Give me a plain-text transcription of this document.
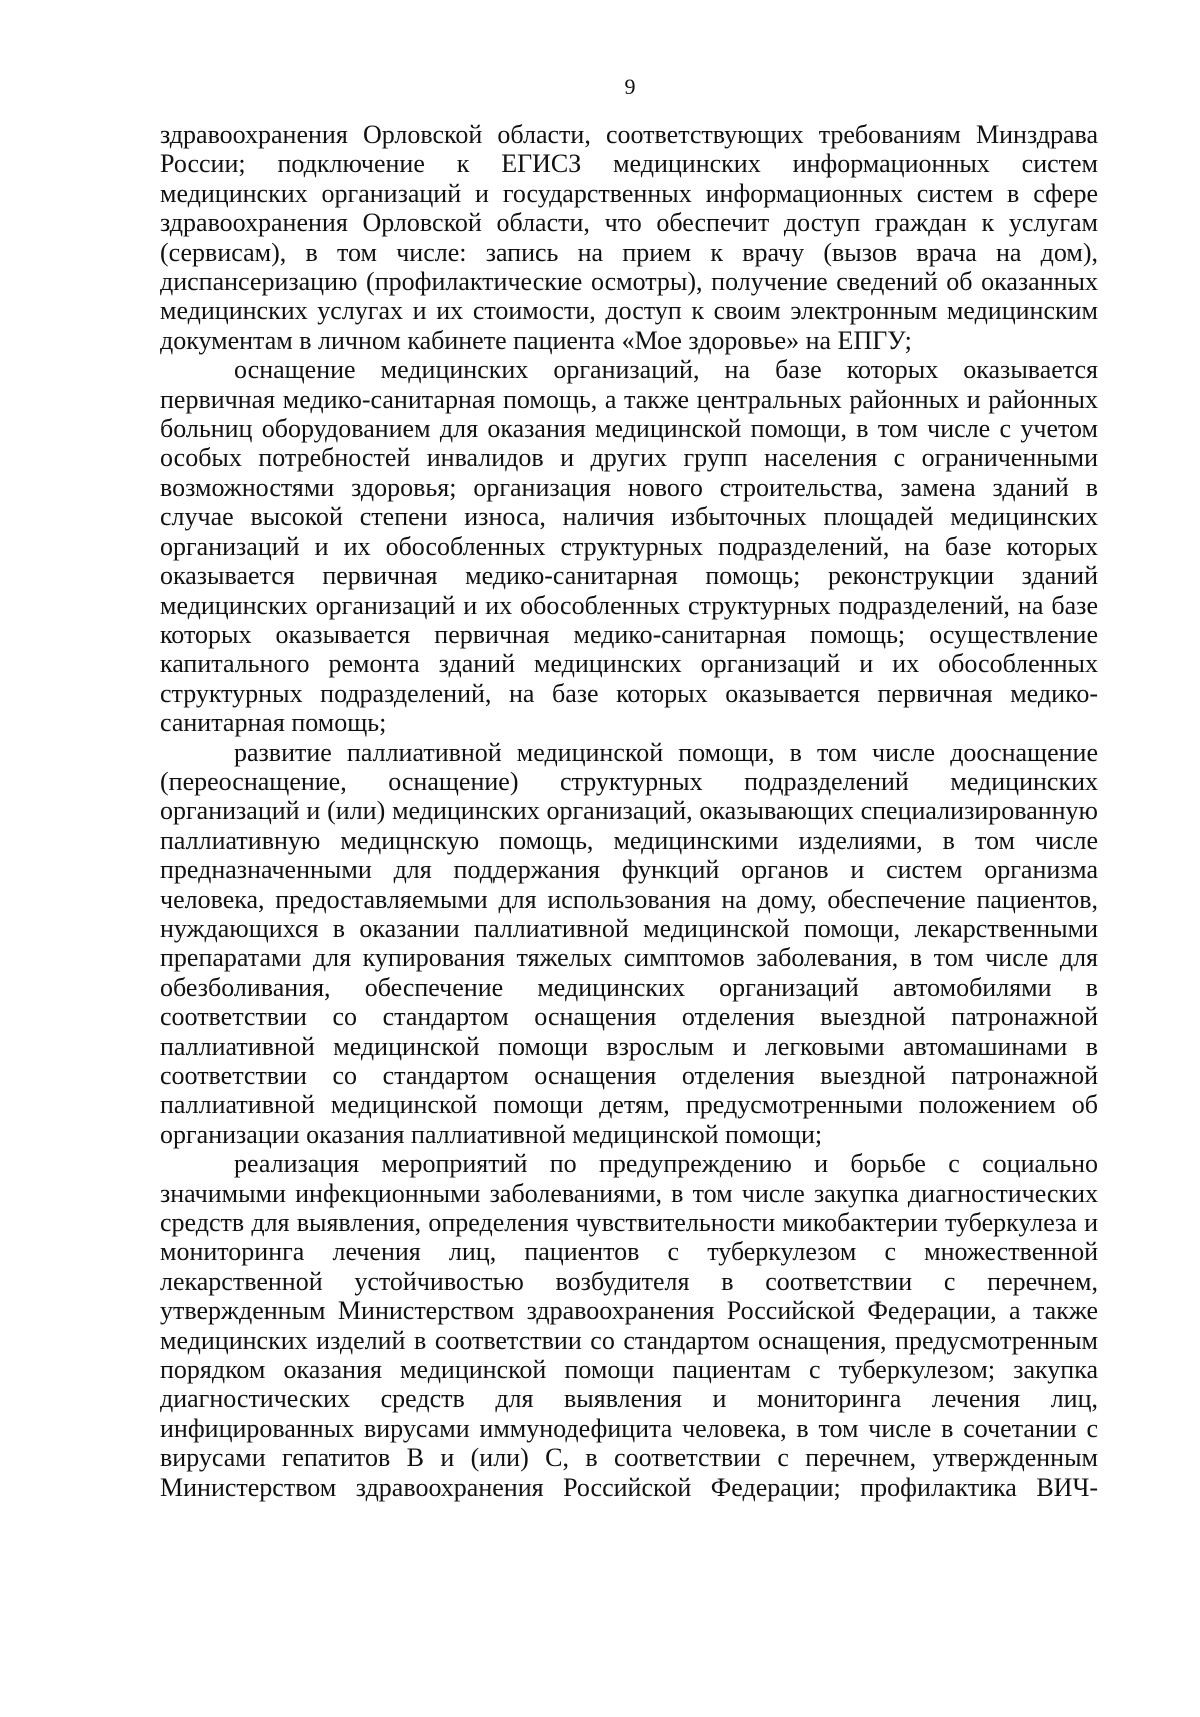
9

здравоохранения Орловской области, соответствующих требованиям Минздрава России; подключение к ЕГИСЗ медицинских информационных систем медицинских организаций и государственных информационных систем в сфере здравоохранения Орловской области, что обеспечит доступ граждан к услугам (сервисам), в том числе: запись на прием к врачу (вызов врача на дом), диспансеризацию (профилактические осмотры), получение сведений об оказанных медицинских услугах и их стоимости, доступ к своим электронным медицинским документам в личном кабинете пациента «Мое здоровье» на ЕПГУ;

оснащение медицинских организаций, на базе которых оказывается первичная медико-санитарная помощь, а также центральных районных и районных больниц оборудованием для оказания медицинской помощи, в том числе с учетом особых потребностей инвалидов и других групп населения с ограниченными возможностями здоровья; организация нового строительства, замена зданий в случае высокой степени износа, наличия избыточных площадей медицинских организаций и их обособленных структурных подразделений, на базе которых оказывается первичная медико-санитарная помощь; реконструкции зданий медицинских организаций и их обособленных структурных подразделений, на базе которых оказывается первичная медико-санитарная помощь; осуществление капитального ремонта зданий медицинских организаций и их обособленных структурных подразделений, на базе которых оказывается первичная медико-санитарная помощь;

развитие паллиативной медицинской помощи, в том числе дооснащение (переоснащение, оснащение) структурных подразделений медицинских организаций и (или) медицинских организаций, оказывающих специализированную паллиативную медицнскую помощь, медицинскими изделиями, в том числе предназначенными для поддержания функций органов и систем организма человека, предоставляемыми для использования на дому, обеспечение пациентов, нуждающихся в оказании паллиативной медицинской помощи, лекарственными препаратами для купирования тяжелых симптомов заболевания, в том числе для обезболивания, обеспечение медицинских организаций автомобилями в соответствии со стандартом оснащения отделения выездной патронажной паллиативной медицинской помощи взрослым и легковыми автомашинами в соответствии со стандартом оснащения отделения выездной патронажной паллиативной медицинской помощи детям, предусмотренными положением об организации оказания паллиативной медицинской помощи;

реализация мероприятий по предупреждению и борьбе с социально значимыми инфекционными заболеваниями, в том числе закупка диагностических средств для выявления, определения чувствительности микобактерии туберкулеза и мониторинга лечения лиц, пациентов с туберкулезом с множественной лекарственной устойчивостью возбудителя в соответствии с перечнем, утвержденным Министерством здравоохранения Российской Федерации, а также медицинских изделий в соответствии со стандартом оснащения, предусмотренным порядком оказания медицинской помощи пациентам с туберкулезом; закупка диагностических средств для выявления и мониторинга лечения лиц, инфицированных вирусами иммунодефицита человека, в том числе в сочетании с вирусами гепатитов B и (или) C, в соответствии с перечнем, утвержденным Министерством здравоохранения Российской Федерации; профилактика ВИЧ-
